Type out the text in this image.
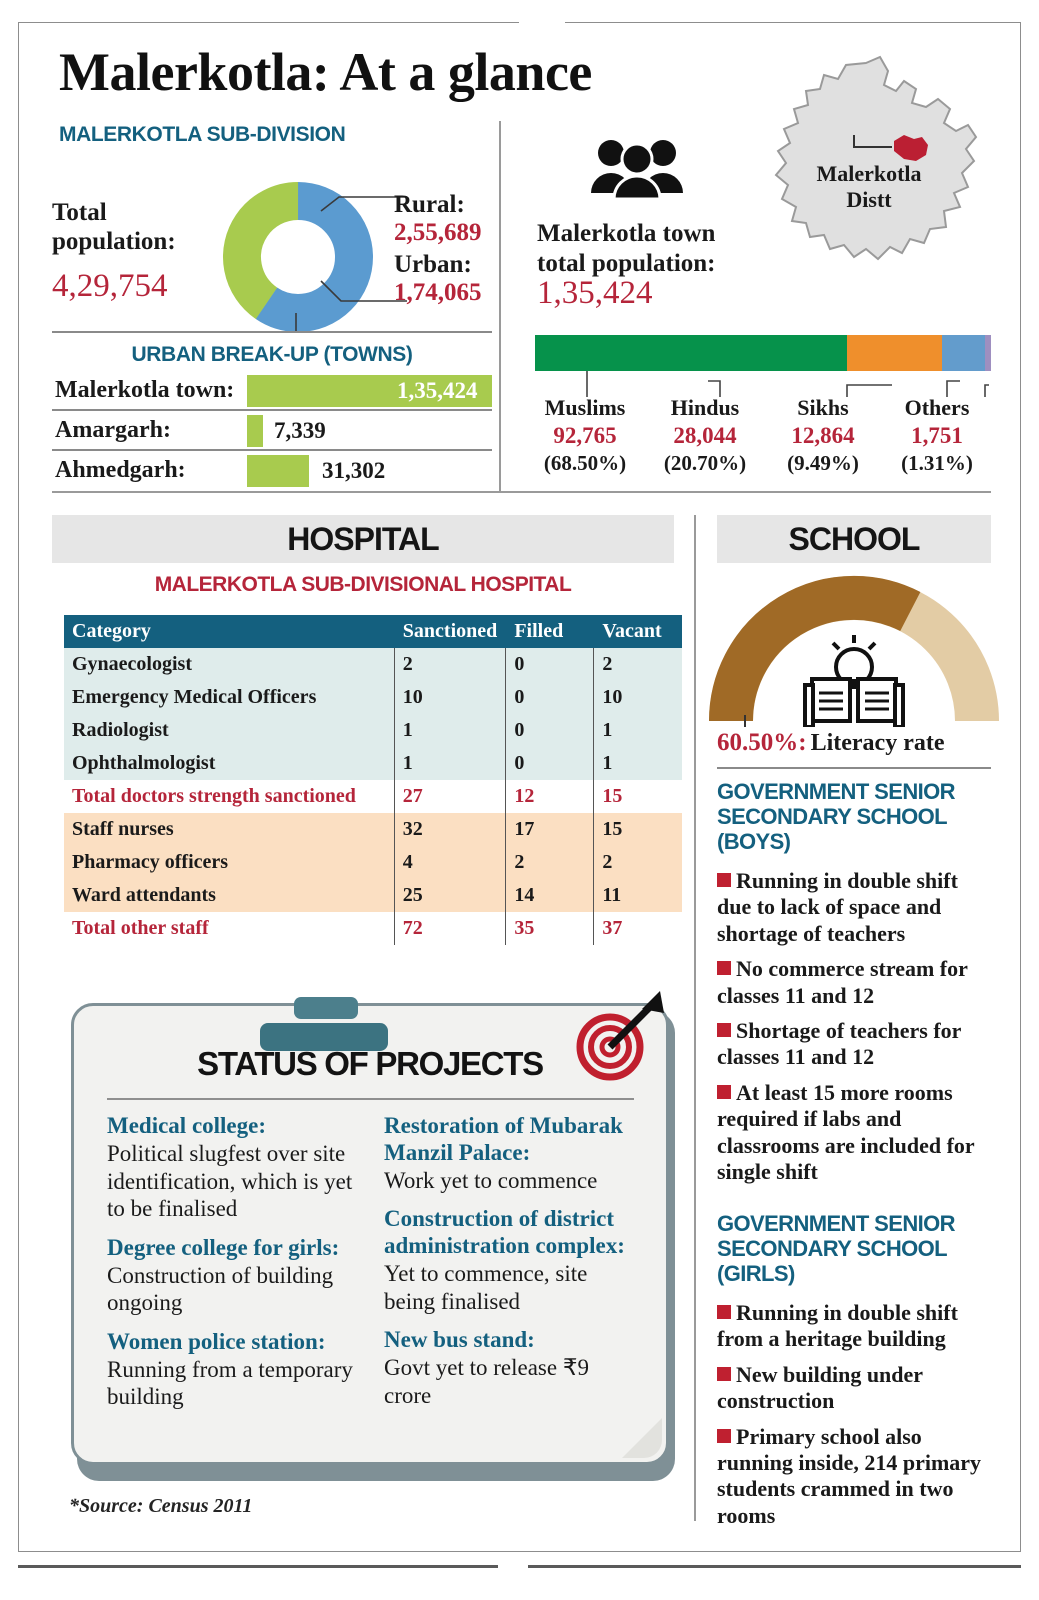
Malerkotla: At a glance
MALERKOTLA SUB-DIVISION
Total population:
4,29,754
Rural:
2,55,689
Urban:
1,74,065
URBAN BREAK-UP (TOWNS)
Malerkotla town:	1,35,424
Amargarh:	7,339
Ahmedgarh:	31,302
Malerkotla town total population:
1,35,424
Malerkotla Distt
Muslims
92,765
(68.50%)
Hindus
28,044
(20.70%)
Sikhs
12,864
(9.49%)
Others
1,751
(1.31%)
HOSPITAL
MALERKOTLA SUB-DIVISIONAL HOSPITAL
Category	Sanctioned	Filled	Vacant
Gynaecologist	2	0	2
Emergency Medical Officers	10	0	10
Radiologist	1	0	1
Ophthalmologist	1	0	1
Total doctors strength sanctioned	27	12	15
Staff nurses	32	17	15
Pharmacy officers	4	2	2
Ward attendants	25	14	11
Total other staff	72	35	37
SCHOOL
60.50%: Literacy rate
GOVERNMENT SENIOR SECONDARY SCHOOL (BOYS)

Running in double shift due to lack of space and shortage of teachers

No commerce stream for classes 11 and 12

Shortage of teachers for classes 11 and 12

At least 15 more rooms required if labs and classrooms are included for single shift

GOVERNMENT SENIOR SECONDARY SCHOOL (GIRLS)

Running in double shift from a heritage building

New building under construction

Primary school also running inside, 214 primary students crammed in two rooms

STATUS OF PROJECTS
Medical college:
Political slugfest over site identification, which is yet to be finalised
Degree college for girls:
Construction of building ongoing
Women police station:
Running from a temporary building
Restoration of Mubarak Manzil Palace:
Work yet to commence
Construction of district administration complex:
Yet to commence, site being finalised
New bus stand:
Govt yet to release ₹9 crore
*Source: Census 2011
